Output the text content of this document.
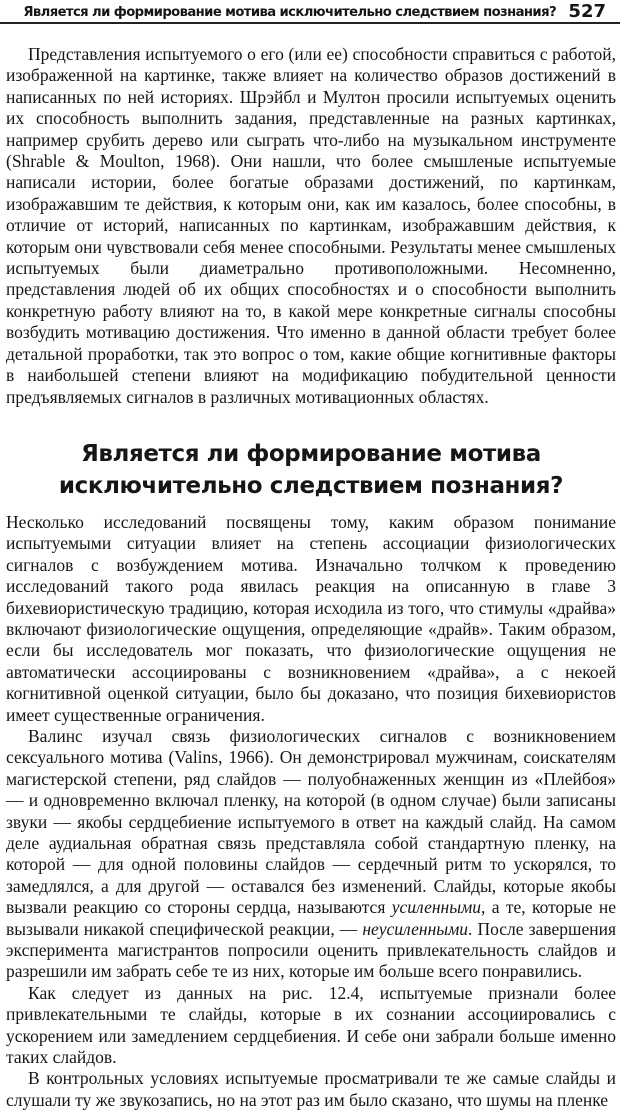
Является ли формирование мотива исключительно следствием познания? 527

Представления испытуемого о его (или ее) способности справиться с работой, изображенной на картинке, также влияет на количество образов достижений в написанных по ней историях. Шрэйбл и Мултон просили испытуемых оценить их способность выполнить задания, представленные на разных картинках, например срубить дерево или сыграть что-либо на музыкальном инструменте (Shrable & Moulton, 1968). Они нашли, что более смышленые испытуемые написали истории, более богатые образами достижений, по картинкам, изображавшим те действия, к которым они, как им казалось, более способны, в отличие от историй, написанных по картинкам, изображавшим действия, к которым они чувствовали себя менее способными. Результаты менее смышленых испытуемых были диаметрально противоположными. Несомненно, представления людей об их общих способностях и о способности выполнить конкретную работу влияют на то, в какой мере конкретные сигналы способны возбудить мотивацию достижения. Что именно в данной области требует более детальной проработки, так это вопрос о том, какие общие когнитивные факторы в наибольшей степени влияют на модификацию побудительной ценности предъявляемых сигналов в различных мотивационных областях.

Является ли формирование мотива
исключительно следствием познания?

Несколько исследований посвящены тому, каким образом понимание испытуемыми ситуации влияет на степень ассоциации физиологических сигналов с возбуждением мотива. Изначально толчком к проведению исследований такого рода явилась реакция на описанную в главе 3 бихевиористическую традицию, которая исходила из того, что стимулы «драйва» включают физиологические ощущения, определяющие «драйв». Таким образом, если бы исследователь мог показать, что физиологические ощущения не автоматически ассоциированы с возникновением «драйва», а с некоей когнитивной оценкой ситуации, было бы доказано, что позиция бихевиористов имеет существенные ограничения.

Валинс изучал связь физиологических сигналов с возникновением сексуального мотива (Valins, 1966). Он демонстрировал мужчинам, соискателям магистерской степени, ряд слайдов — полуобнаженных женщин из «Плейбоя» — и одновременно включал пленку, на которой (в одном случае) были записаны звуки — якобы сердцебиение испытуемого в ответ на каждый слайд. На самом деле аудиальная обратная связь представляла собой стандартную пленку, на которой — для одной половины слайдов — сердечный ритм то ускорялся, то замедлялся, а для другой — оставался без изменений. Слайды, которые якобы вызвали реакцию со стороны сердца, называются усиленными, а те, которые не вызывали никакой специфической реакции, — неусиленными. После завершения эксперимента магистрантов попросили оценить привлекательность слайдов и разрешили им забрать себе те из них, которые им больше всего понравились.

Как следует из данных на рис. 12.4, испытуемые признали более привлекательными те слайды, которые в их сознании ассоциировались с ускорением или замедлением сердцебиения. И себе они забрали больше именно таких слайдов.

В контрольных условиях испытуемые просматривали те же самые слайды и слушали ту же звукозапись, но на этот раз им было сказано, что шумы на пленке
